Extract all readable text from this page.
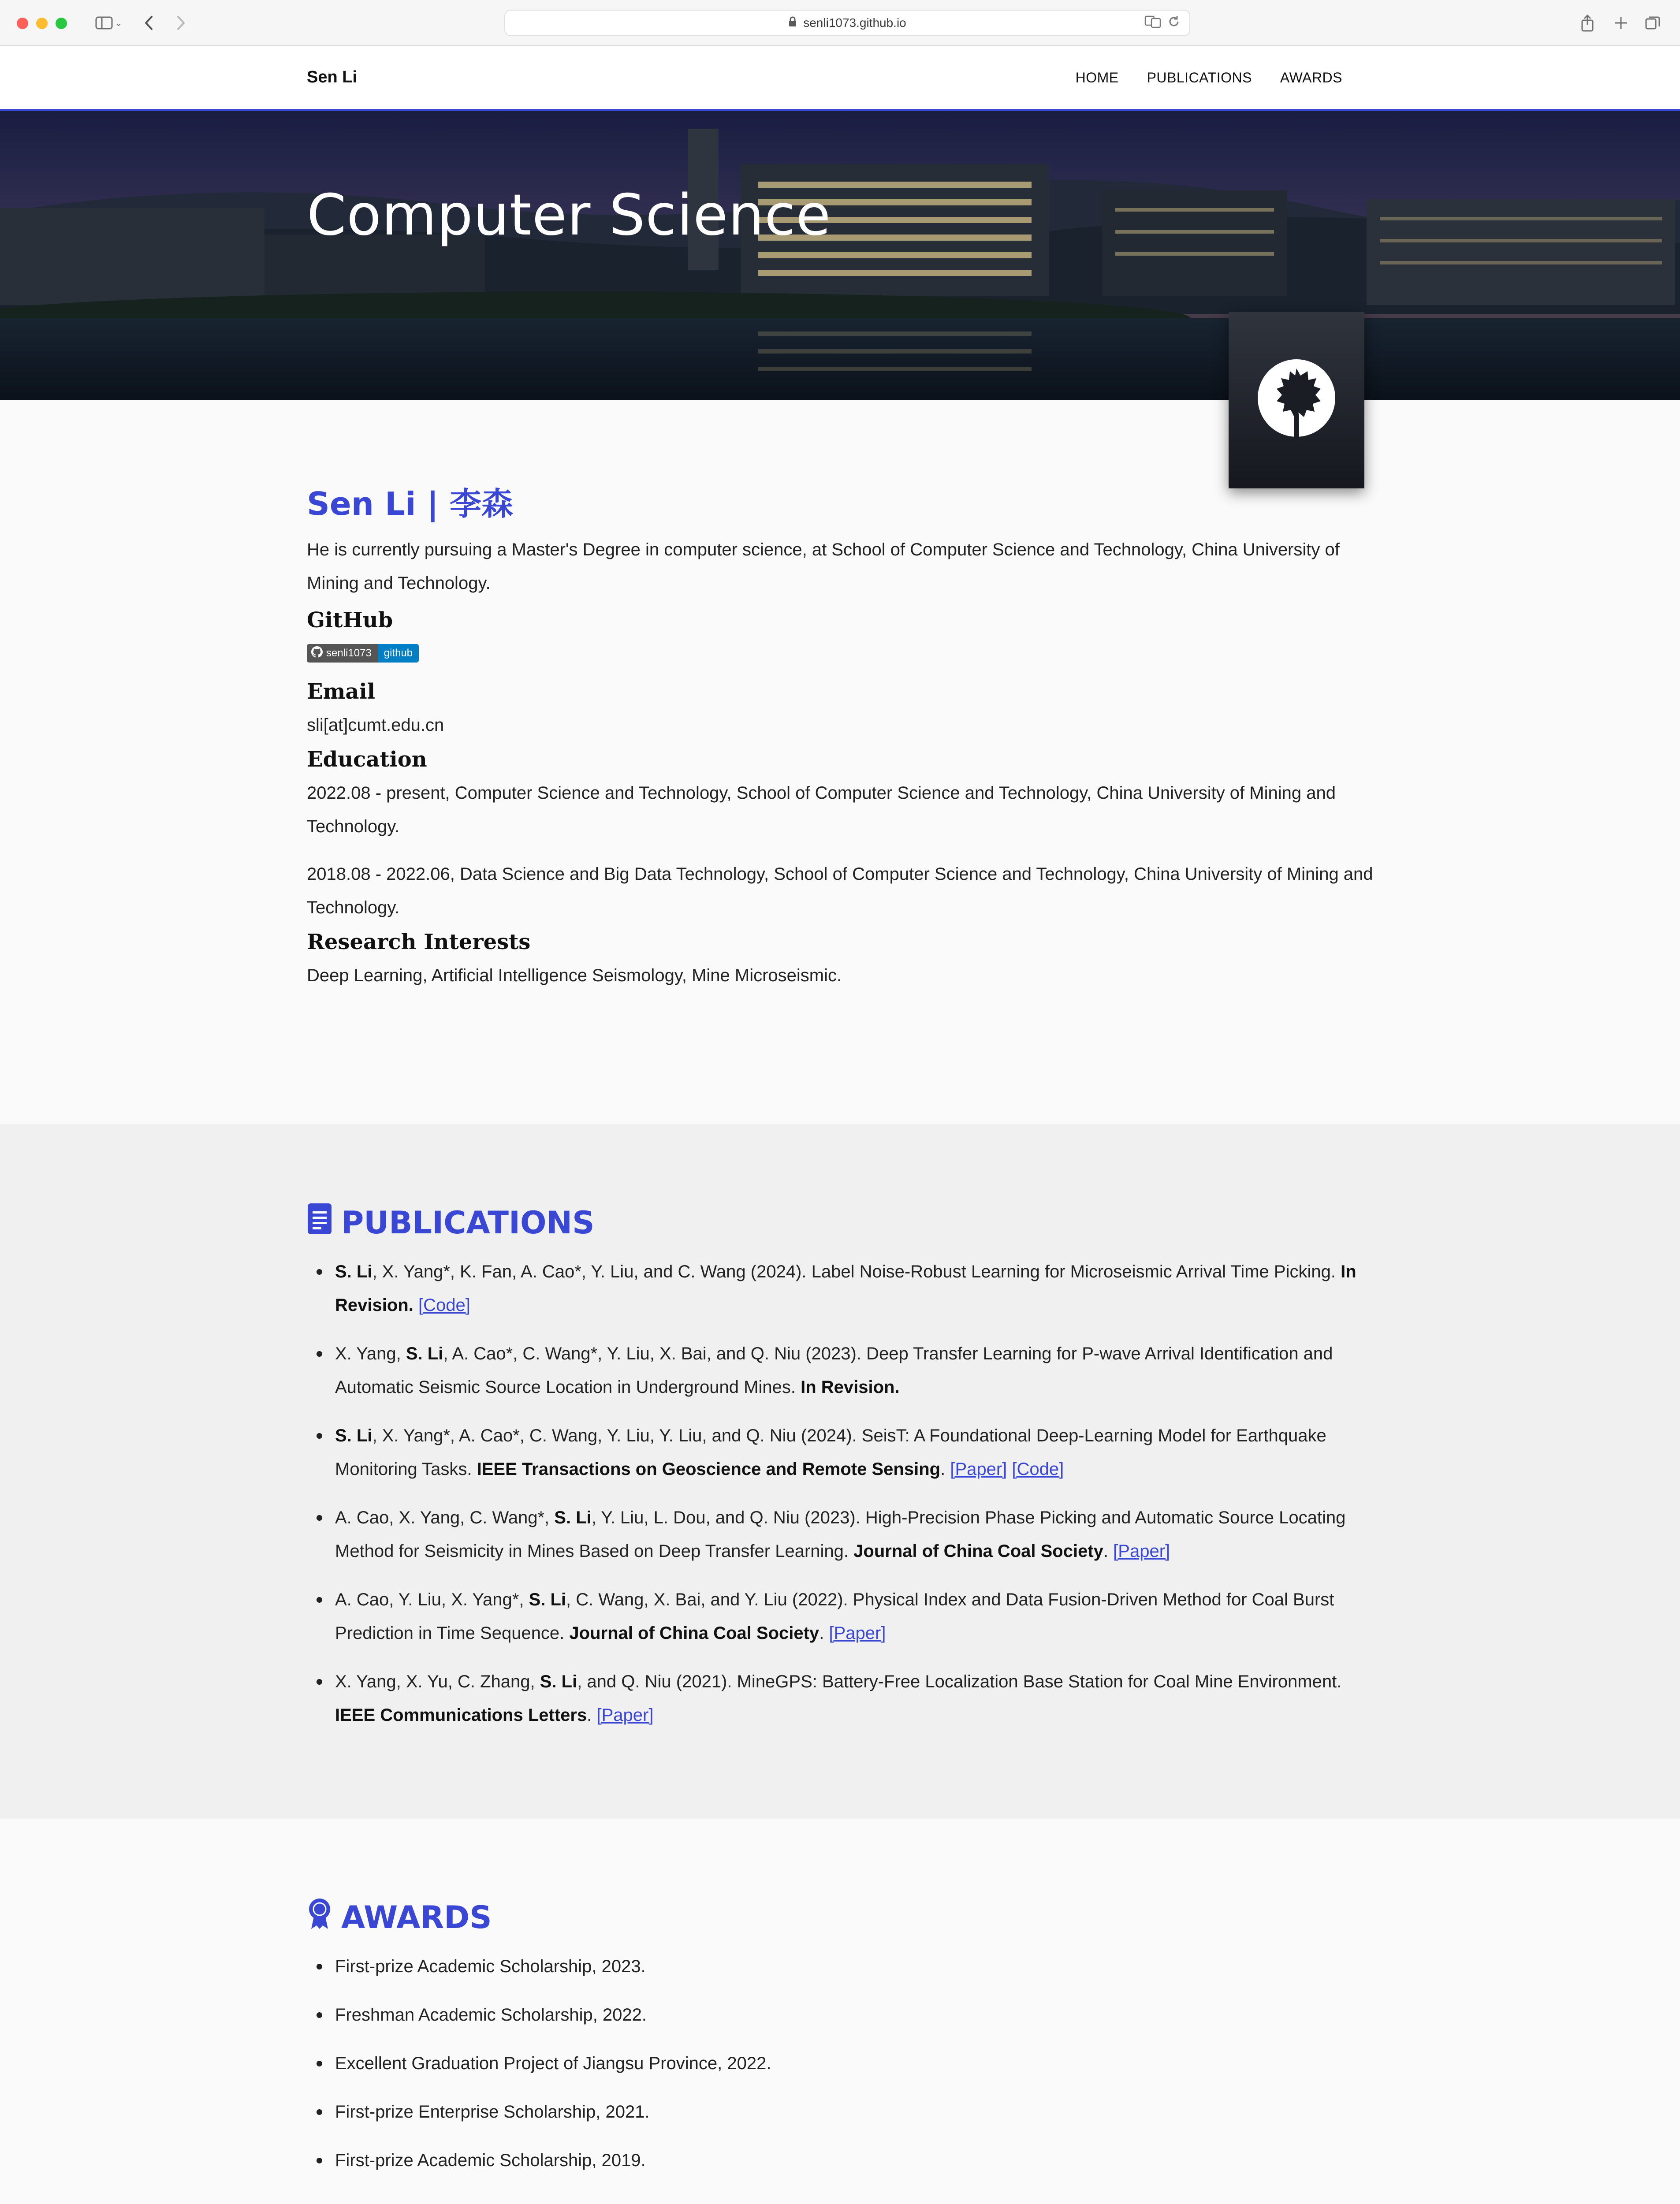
⌄	senli1073.github.io
Sen Li	HOME PUBLICATIONS AWARDS
Computer Science
Sen Li | 李森
He is currently pursuing a Master's Degree in computer science, at School of Computer Science and Technology, China University of Mining and Technology.
GitHub
senli1073	github
Email
sli[at]cumt.edu.cn
Education
2022.08 - present, Computer Science and Technology, School of Computer Science and Technology, China University of Mining and Technology.
2018.08 - 2022.06, Data Science and Big Data Technology, School of Computer Science and Technology, China University of Mining and Technology.
Research Interests
Deep Learning, Artificial Intelligence Seismology, Mine Microseismic.
PUBLICATIONS
S. Li, X. Yang*, K. Fan, A. Cao*, Y. Liu, and C. Wang (2024). Label Noise-Robust Learning for Microseismic Arrival Time Picking. In Revision. [Code]
X. Yang, S. Li, A. Cao*, C. Wang*, Y. Liu, X. Bai, and Q. Niu (2023). Deep Transfer Learning for P-wave Arrival Identification and Automatic Seismic Source Location in Underground Mines. In Revision.
S. Li, X. Yang*, A. Cao*, C. Wang, Y. Liu, Y. Liu, and Q. Niu (2024). SeisT: A Foundational Deep-Learning Model for Earthquake Monitoring Tasks. IEEE Transactions on Geoscience and Remote Sensing. [Paper] [Code]
A. Cao, X. Yang, C. Wang*, S. Li, Y. Liu, L. Dou, and Q. Niu (2023). High-Precision Phase Picking and Automatic Source Locating Method for Seismicity in Mines Based on Deep Transfer Learning. Journal of China Coal Society. [Paper]
A. Cao, Y. Liu, X. Yang*, S. Li, C. Wang, X. Bai, and Y. Liu (2022). Physical Index and Data Fusion-Driven Method for Coal Burst Prediction in Time Sequence. Journal of China Coal Society. [Paper]
X. Yang, X. Yu, C. Zhang, S. Li, and Q. Niu (2021). MineGPS: Battery-Free Localization Base Station for Coal Mine Environment. IEEE Communications Letters. [Paper]
AWARDS
First-prize Academic Scholarship, 2023.
Freshman Academic Scholarship, 2022.
Excellent Graduation Project of Jiangsu Province, 2022.
First-prize Enterprise Scholarship, 2021.
First-prize Academic Scholarship, 2019.
